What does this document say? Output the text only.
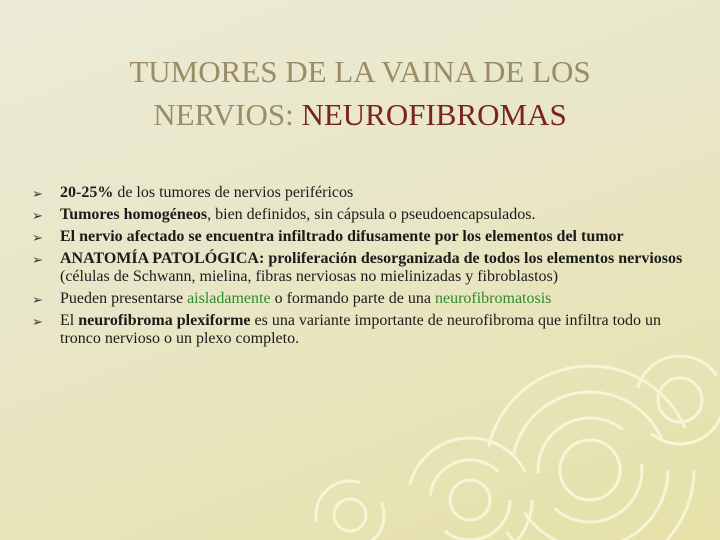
TUMORES DE LA VAINA DE LOS
NERVIOS: NEUROFIBROMAS
➢ 20-25% de los tumores de nervios periféricos
➢ Tumores homogéneos, bien definidos, sin cápsula o pseudoencapsulados.
➢ El nervio afectado se encuentra infiltrado difusamente por los elementos del tumor
➢ ANATOMÍA PATOLÓGICA: proliferación desorganizada de todos los elementos nerviosos (células de Schwann, mielina, fibras nerviosas no mielinizadas y fibroblastos)
➢ Pueden presentarse aisladamente o formando parte de una neurofibromatosis
➢ El neurofibroma plexiforme es una variante importante de neurofibroma que infiltra todo un tronco nervioso o un plexo completo.
